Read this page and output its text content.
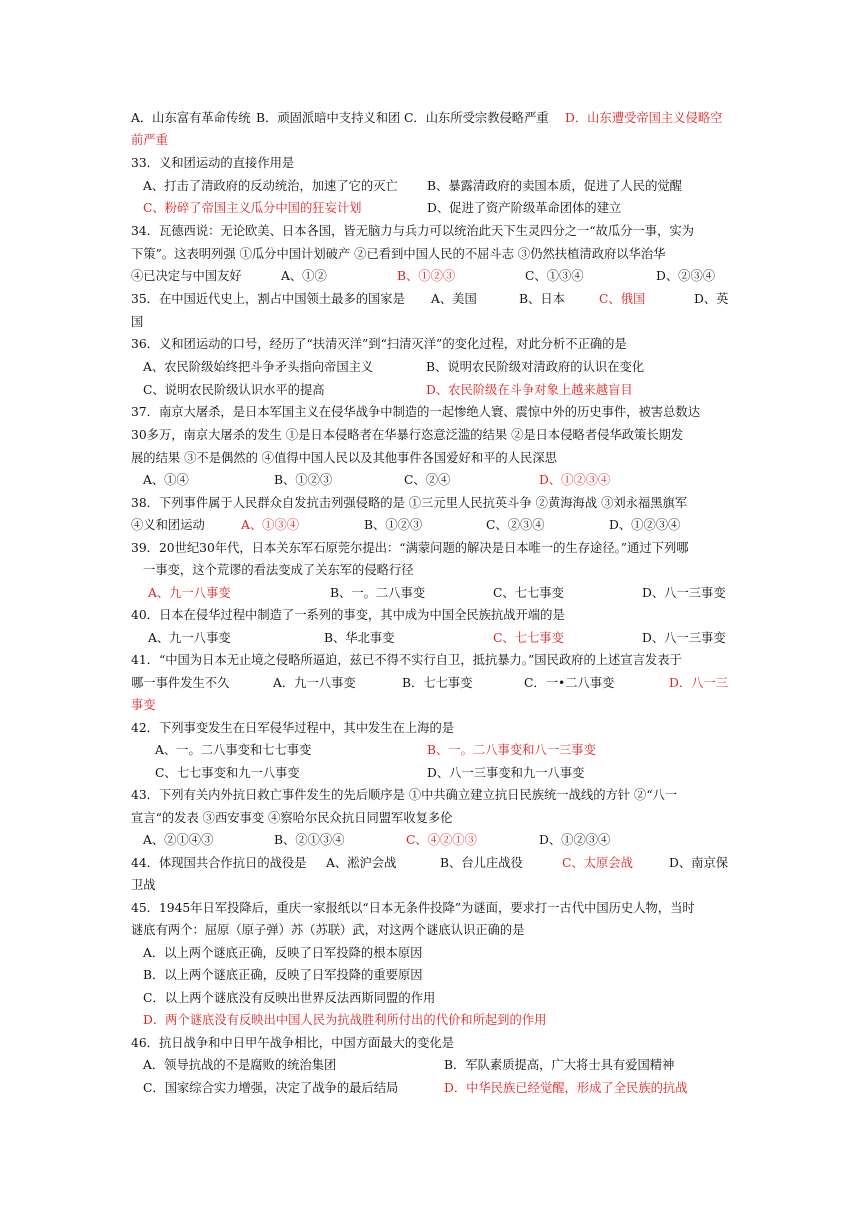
A．山东富有革命传统 B．顽固派暗中支持义和团 C．山东所受宗教侵略严重 D．山东遭受帝国主义侵略空
前严重
33．义和团运动的直接作用是
A、打击了清政府的反动统治，加速了它的灭亡 B、暴露清政府的卖国本质，促进了人民的觉醒
C、粉碎了帝国主义瓜分中国的狂妄计划	D、促进了资产阶级革命团体的建立
34．瓦德西说：无论欧美、日本各国，皆无脑力与兵力可以统治此天下生灵四分之一“故瓜分一事，实为
下策”。这表明列强 ①瓜分中国计划破产 ②已看到中国人民的不屈斗志 ③仍然扶植清政府以华治华
④已决定与中国友好	A、①②	B、①②③	C、①③④	D、②③④
35．在中国近代史上，割占中国领土最多的国家是 A、美国	B、日本	C、俄国	D、英
国
36．义和团运动的口号，经历了“扶清灭洋”到“扫清灭洋”的变化过程，对此分析不正确的是
A、农民阶级始终把斗争矛头指向帝国主义	B、说明农民阶级对清政府的认识在变化
C、说明农民阶级认识水平的提高	D、农民阶级在斗争对象上越来越盲目
37．南京大屠杀，是日本军国主义在侵华战争中制造的一起惨绝人寰、震惊中外的历史事件，被害总数达
30多万，南京大屠杀的发生 ①是日本侵略者在华暴行恣意泛滥的结果 ②是日本侵略者侵华政策长期发
展的结果 ③不是偶然的 ④值得中国人民以及其他事件各国爱好和平的人民深思
A、①④	B、①②③	C、②④	D、①②③④
38．下列事件属于人民群众自发抗击列强侵略的是 ①三元里人民抗英斗争 ②黄海海战 ③刘永福黑旗军
④义和团运动	A、①③④	B、①②③	C、②③④	D、①②③④
39．20世纪30年代，日本关东军石原莞尔提出：“满蒙问题的解决是日本唯一的生存途径。”通过下列哪
一事变，这个荒谬的看法变成了关东军的侵略行径
A、九一八事变	B、一。二八事变	C、七七事变	D、八一三事变
40．日本在侵华过程中制造了一系列的事变，其中成为中国全民族抗战开端的是
A、九一八事变	B、华北事变	C、七七事变	D、八一三事变
41．“中国为日本无止境之侵略所逼迫，兹已不得不实行自卫，抵抗暴力。”国民政府的上述宣言发表于
哪一事件发生不久	A．九一八事变	B．七七事变	C．一•二八事变	D．八一三
事变
42．下列事变发生在日军侵华过程中，其中发生在上海的是
A、一。二八事变和七七事变	B、一。二八事变和八一三事变
C、七七事变和九一八事变	D、八一三事变和九一八事变
43．下列有关内外抗日救亡事件发生的先后顺序是 ①中共确立建立抗日民族统一战线的方针 ②“八一
宣言“的发表 ③西安事变 ④察哈尔民众抗日同盟军收复多伦
A、②①④③	B、②①③④	C、④②①③	D、①②③④
44．体现国共合作抗日的战役是 A、淞沪会战	B、台儿庄战役	C、太原会战	D、南京保
卫战
45．1945年日军投降后，重庆一家报纸以“日本无条件投降”为谜面，要求打一古代中国历史人物，当时
谜底有两个：屈原（原子弹）苏（苏联）武，对这两个谜底认识正确的是
A．以上两个谜底正确，反映了日军投降的根本原因
B．以上两个谜底正确，反映了日军投降的重要原因
C．以上两个谜底没有反映出世界反法西斯同盟的作用
D．两个谜底没有反映出中国人民为抗战胜利所付出的代价和所起到的作用
46．抗日战争和中日甲午战争相比，中国方面最大的变化是
A．领导抗战的不是腐败的统治集团	B．军队素质提高，广大将士具有爱国精神
C．国家综合实力增强，决定了战争的最后结局	D．中华民族已经觉醒，形成了全民族的抗战
